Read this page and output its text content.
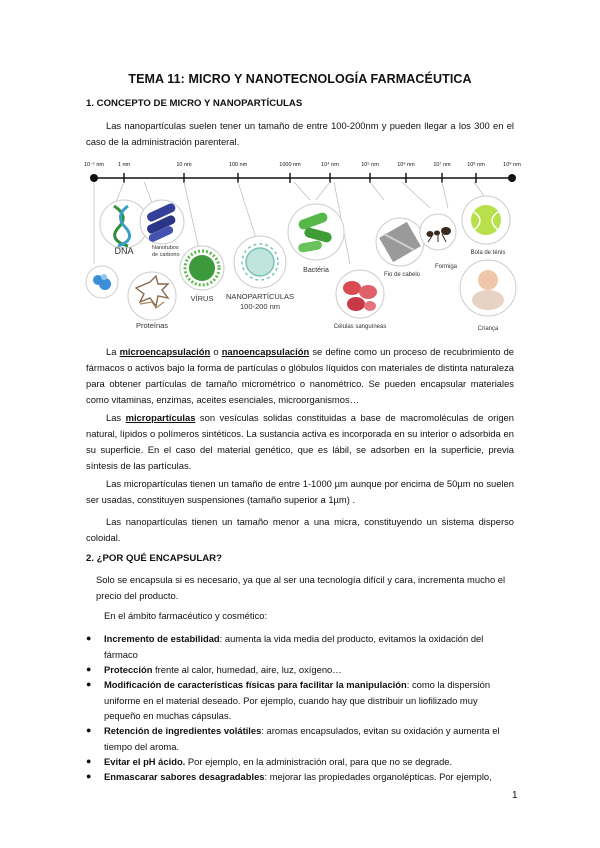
TEMA 11: MICRO Y NANOTECNOLOGÍA FARMACÉUTICA
1. CONCEPTO DE MICRO Y NANOPARTÍCULAS
Las nanopartículas suelen tener un tamaño de entre 100-200nm y pueden llegar a los 300 en el caso de la administración parenteral.
10⁻¹ nm	1 nm	10 nm	100 nm	1000 nm	10⁴ nm	10⁵ nm	10⁶ nm	10⁷ nm	10⁸ nm	10⁹ nm
DNA	Nanotubos
de carbono
Proteínas
VÍRUS NANOPARTÍCULAS
100-200 nm
Bactéria
Células sanguíneas
Fio de cabelo
Formiga
Bola de ténis
Criança
La microencapsulación o nanoencapsulación se define como un proceso de recubrimiento de fármacos o activos bajo la forma de partículas o glóbulos líquidos con materiales de distinta naturaleza para obtener partículas de tamaño micrométrico o nanométrico. Se pueden encapsular materiales como vitaminas, enzimas, aceites esenciales, microorganismos…
Las micropartículas son vesículas solidas constituidas a base de macromoléculas de origen natural, lípidos o polímeros sintéticos. La sustancia activa es incorporada en su interior o adsorbida en su superficie. En el caso del material genético, que es lábil, se adsorben en la superficie, previa síntesis de las partículas.
Las micropartículas tienen un tamaño de entre 1-1000 µm aunque por encima de 50µm no suelen ser usadas, constituyen suspensiones (tamaño superior a 1µm) .
Las nanopartículas tienen un tamaño menor a una micra, constituyendo un sistema disperso coloidal.
2. ¿POR QUÉ ENCAPSULAR?
Solo se encapsula si es necesario, ya que al ser una tecnología difícil y cara, incrementa mucho el precio del producto.
En el ámbito farmacéutico y cosmético:
● Incremento de estabilidad: aumenta la vida media del producto, evitamos la oxidación del fármaco
● Protección frente al calor, humedad, aire, luz, oxígeno…
● Modificación de características físicas para facilitar la manipulación: como la dispersión uniforme en el material deseado. Por ejemplo, cuando hay que distribuir un liofilizado muy pequeño en muchas cápsulas.
● Retención de ingredientes volátiles: aromas encapsulados, evitan su oxidación y aumenta el tiempo del aroma.
● Evitar el pH ácido. Por ejemplo, en la administración oral, para que no se degrade.
● Enmascarar sabores desagradables: mejorar las propiedades organolépticas. Por ejemplo,
1
